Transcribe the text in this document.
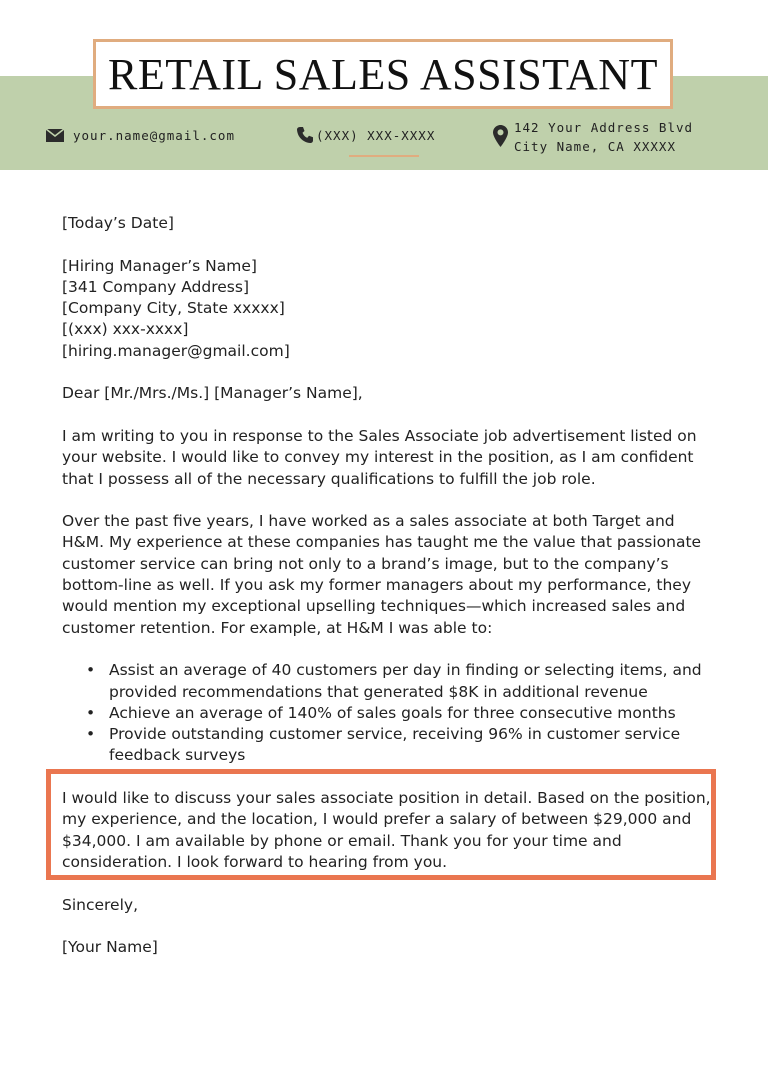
RETAIL SALES ASSISTANT
your.name@gmail.com	(XXX) XXX-XXXX
142 Your Address Blvd
City Name, CA XXXXX

[Today’s Date]

[Hiring Manager’s Name]
[341 Company Address]
[Company City, State xxxxx]
[(xxx) xxx-xxxx]
[hiring.manager@gmail.com]

Dear [Mr./Mrs./Ms.] [Manager’s Name],

I am writing to you in response to the Sales Associate job advertisement listed on your website. I would like to convey my interest in the position, as I am confident that I possess all of the necessary qualifications to fulfill the job role.

Over the past five years, I have worked as a sales associate at both Target and H&M. My experience at these companies has taught me the value that passionate customer service can bring not only to a brand’s image, but to the company’s bottom-line as well. If you ask my former managers about my performance, they would mention my exceptional upselling techniques—which increased sales and customer retention. For example, at H&M I was able to:

• Assist an average of 40 customers per day in finding or selecting items, and provided recommendations that generated $8K in additional revenue
• Achieve an average of 140% of sales goals for three consecutive months
• Provide outstanding customer service, receiving 96% in customer service feedback surveys

I would like to discuss your sales associate position in detail. Based on the position, my experience, and the location, I would prefer a salary of between $29,000 and $34,000. I am available by phone or email. Thank you for your time and consideration. I look forward to hearing from you.

Sincerely,

[Your Name]
